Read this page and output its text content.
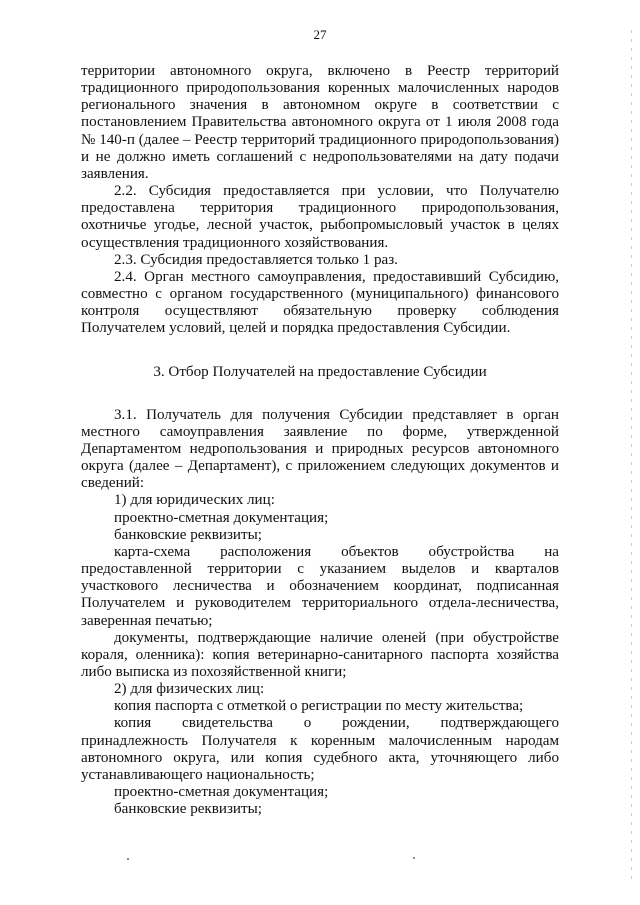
27

территории автономного округа, включено в Реестр территорий традиционного природопользования коренных малочисленных народов регионального значения в автономном округе в соответствии с постановлением Правительства автономного округа от 1 июля 2008 года № 140-п (далее – Реестр территорий традиционного природопользования) и не должно иметь соглашений с недропользователями на дату подачи заявления.

2.2. Субсидия предоставляется при условии, что Получателю предоставлена территория традиционного природопользования, охотничье угодье, лесной участок, рыбопромысловый участок в целях осуществления традиционного хозяйствования.

2.3. Субсидия предоставляется только 1 раз.

2.4. Орган местного самоуправления, предоставивший Субсидию, совместно с органом государственного (муниципального) финансового контроля осуществляют обязательную проверку соблюдения Получателем условий, целей и порядка предоставления Субсидии.

3. Отбор Получателей на предоставление Субсидии

3.1. Получатель для получения Субсидии представляет в орган местного самоуправления заявление по форме, утвержденной Департаментом недропользования и природных ресурсов автономного округа (далее – Департамент), с приложением следующих документов и сведений:

1) для юридических лиц:

проектно-сметная документация;

банковские реквизиты;

карта-схема расположения объектов обустройства на предоставленной территории с указанием выделов и кварталов участкового лесничества и обозначением координат, подписанная Получателем и руководителем территориального отдела-лесничества, заверенная печатью;

документы, подтверждающие наличие оленей (при обустройстве кораля, оленника): копия ветеринарно-санитарного паспорта хозяйства либо выписка из похозяйственной книги;

2) для физических лиц:

копия паспорта с отметкой о регистрации по месту жительства;

копия свидетельства о рождении, подтверждающего принадлежность Получателя к коренным малочисленным народам автономного округа, или копия судебного акта, уточняющего либо устанавливающего национальность;

проектно-сметная документация;

банковские реквизиты;
